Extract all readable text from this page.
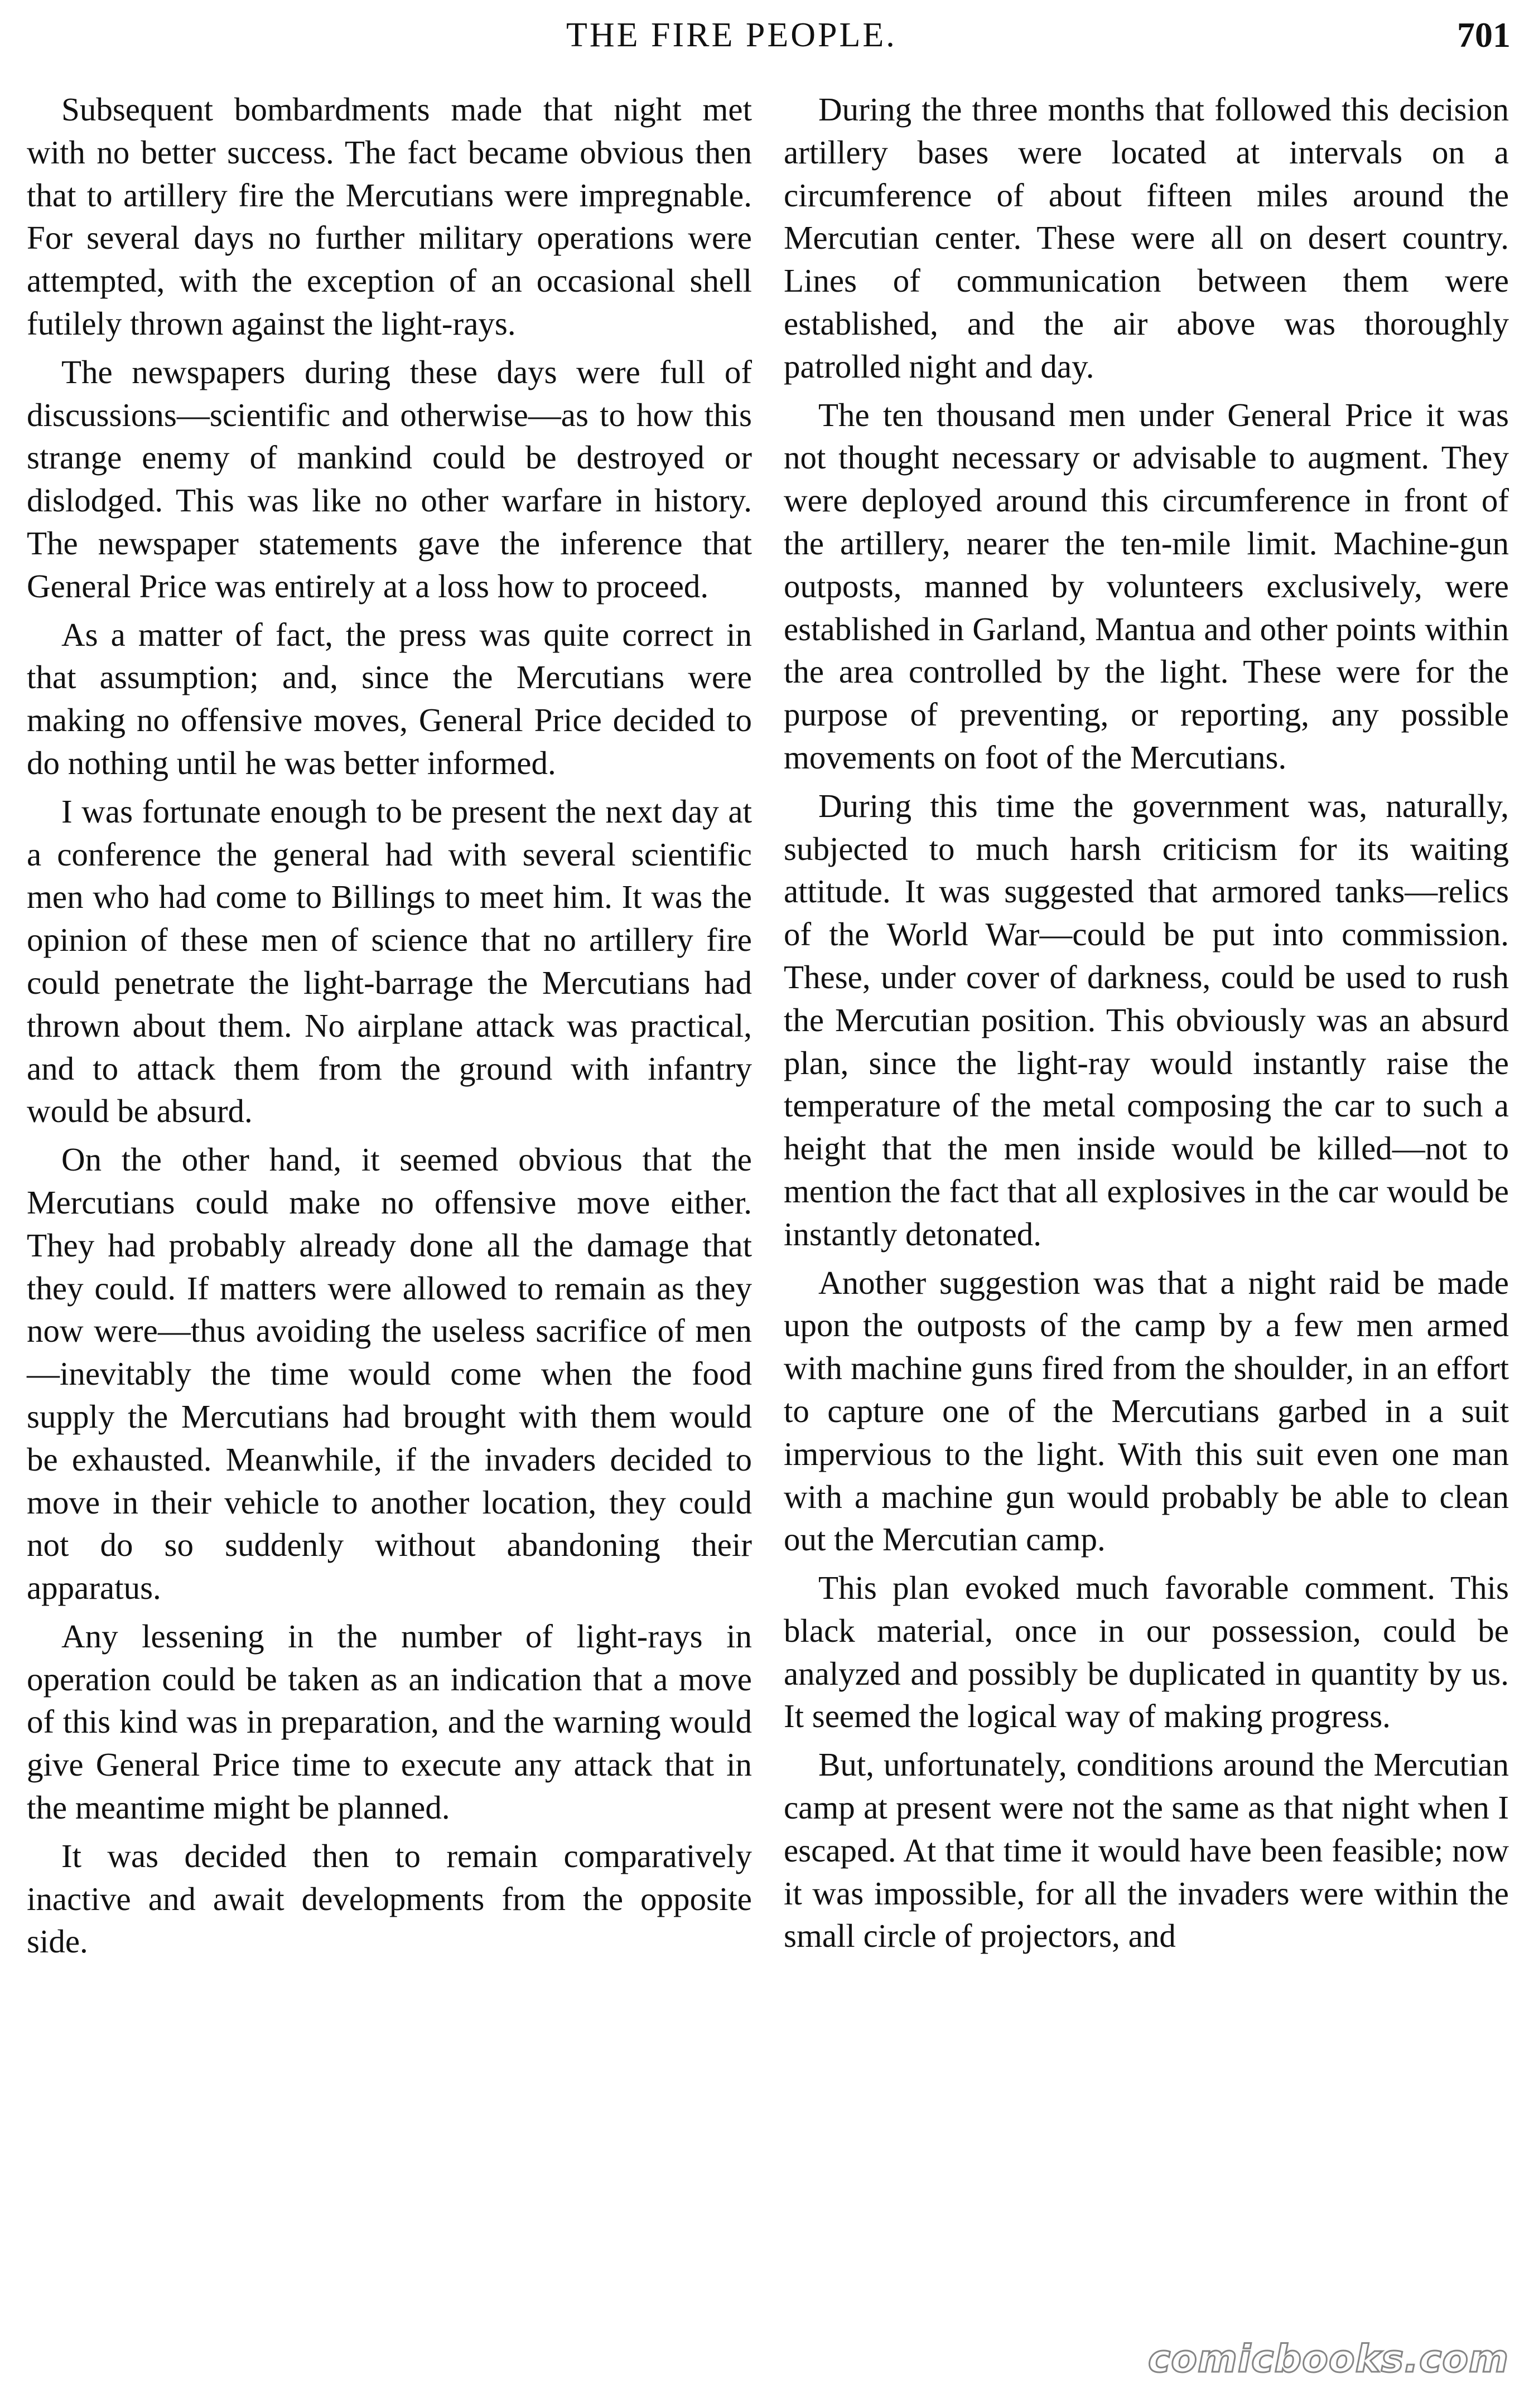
THE FIRE PEOPLE.	701

Subsequent bombardments made that night met with no better success. The fact became obvious then that to artillery fire the Mercutians were impregnable. For several days no further military operations were attempted, with the exception of an occasional shell futilely thrown against the light-rays.

The newspapers during these days were full of discussions—scientific and otherwise—as to how this strange enemy of mankind could be destroyed or dislodged. This was like no other warfare in history. The newspaper statements gave the inference that General Price was entirely at a loss how to proceed.

As a matter of fact, the press was quite correct in that assumption; and, since the Mercutians were making no offensive moves, General Price decided to do nothing until he was better informed.

I was fortunate enough to be present the next day at a conference the general had with several scientific men who had come to Billings to meet him. It was the opinion of these men of science that no artillery fire could penetrate the light-barrage the Mercutians had thrown about them. No airplane attack was practical, and to attack them from the ground with infantry would be absurd.

On the other hand, it seemed obvious that the Mercutians could make no offensive move either. They had probably already done all the damage that they could. If matters were allowed to remain as they now were—thus avoiding the useless sacrifice of men—inevitably the time would come when the food supply the Mercutians had brought with them would be exhausted. Meanwhile, if the invaders decided to move in their vehicle to another location, they could not do so suddenly without abandoning their apparatus.

Any lessening in the number of light-rays in operation could be taken as an indication that a move of this kind was in preparation, and the warning would give General Price time to execute any attack that in the meantime might be planned.

It was decided then to remain comparatively inactive and await developments from the opposite side.

During the three months that followed this decision artillery bases were located at intervals on a circumference of about fifteen miles around the Mercutian center. These were all on desert country. Lines of communication between them were established, and the air above was thoroughly patrolled night and day.

The ten thousand men under General Price it was not thought necessary or advisable to augment. They were deployed around this circumference in front of the artillery, nearer the ten-mile limit. Machine-gun outposts, manned by volunteers exclusively, were established in Garland, Mantua and other points within the area controlled by the light. These were for the purpose of preventing, or reporting, any possible movements on foot of the Mercutians.

During this time the government was, naturally, subjected to much harsh criticism for its waiting attitude. It was suggested that armored tanks—relics of the World War—could be put into commission. These, under cover of darkness, could be used to rush the Mercutian position. This obviously was an absurd plan, since the light-ray would instantly raise the temperature of the metal composing the car to such a height that the men inside would be killed—not to mention the fact that all explosives in the car would be instantly detonated.

Another suggestion was that a night raid be made upon the outposts of the camp by a few men armed with machine guns fired from the shoulder, in an effort to capture one of the Mercutians garbed in a suit impervious to the light. With this suit even one man with a machine gun would probably be able to clean out the Mercutian camp.

This plan evoked much favorable comment. This black material, once in our possession, could be analyzed and possibly be duplicated in quantity by us. It seemed the logical way of making progress.

But, unfortunately, conditions around the Mercutian camp at present were not the same as that night when I escaped. At that time it would have been feasible; now it was impossible, for all the invaders were within the small circle of projectors, and

comicbooks.com
